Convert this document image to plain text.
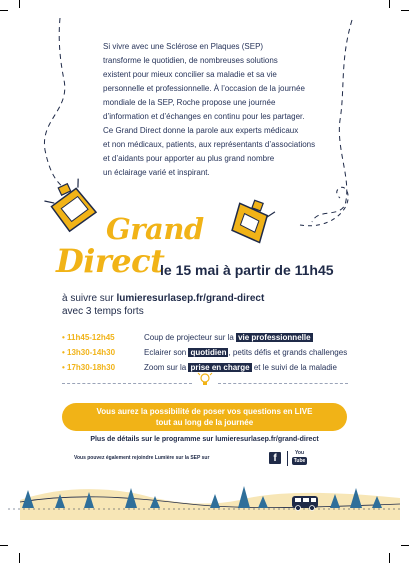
Si vivre avec une Sclérose en Plaques (SEP)

transforme le quotidien, de nombreuses solutions

existent pour mieux concilier sa maladie et sa vie

personnelle et professionnelle. À l’occasion de la journée

mondiale de la SEP, Roche propose une journée

d’information et d’échanges en continu pour les partager.

Ce Grand Direct donne la parole aux experts médicaux

et non médicaux, patients, aux représentants d’associations

et d’aidants pour apporter au plus grand nombre

un éclairage varié et inspirant.

Grand
Direct
le 15 mai à partir de 11h45
à suivre sur lumieresurlasep.fr/grand-direct
avec 3 temps forts
• 11h45-12h45	Coup de projecteur sur la vie professionnelle
• 13h30-14h30	Eclairer son quotidien , petits défis et grands challenges
• 17h30-18h30	Zoom sur la prise en charge et le suivi de la maladie
Vous aurez la possibilité de poser vos questions en LIVE
tout au long de la journée
Plus de détails sur le programme sur lumieresurlasep.fr/grand-direct
Vous pouvez également rejoindre Lumière sur la SEP sur	f	You
Tube
